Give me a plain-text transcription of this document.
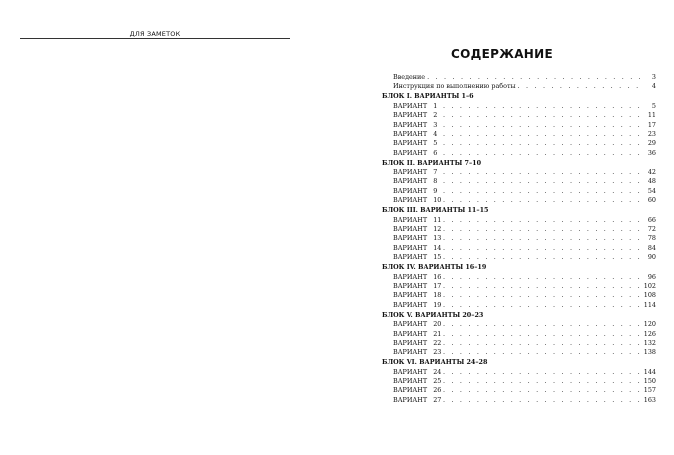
ДЛЯ ЗАМЕТОК
СОДЕРЖАНИЕ
Введение . . .	3
Инструкция по выполнению работы . . .	4
БЛОК I. ВАРИАНТЫ 1–6
ВАРИАНТ 1 . . .	5
ВАРИАНТ 2 . . .	11
ВАРИАНТ 3 . . .	17
ВАРИАНТ 4 . . .	23
ВАРИАНТ 5 . . .	29
ВАРИАНТ 6 . . .	36
БЛОК II. ВАРИАНТЫ 7–10
ВАРИАНТ 7 . . .	42
ВАРИАНТ 8 . . .	48
ВАРИАНТ 9 . . .	54
ВАРИАНТ 10 . . .	60
БЛОК III. ВАРИАНТЫ 11–15
ВАРИАНТ 11 . . .	66
ВАРИАНТ 12 . . .	72
ВАРИАНТ 13 . . .	78
ВАРИАНТ 14 . . .	84
ВАРИАНТ 15 . . .	90
БЛОК IV. ВАРИАНТЫ 16–19
ВАРИАНТ 16 . . .	96
ВАРИАНТ 17 . . .	102
ВАРИАНТ 18 . . .	108
ВАРИАНТ 19 . . .	114
БЛОК V. ВАРИАНТЫ 20–23
ВАРИАНТ 20 . . .	120
ВАРИАНТ 21 . . .	126
ВАРИАНТ 22 . . .	132
ВАРИАНТ 23 . . .	138
БЛОК VI. ВАРИАНТЫ 24–28
ВАРИАНТ 24 . . .	144
ВАРИАНТ 25 . . .	150
ВАРИАНТ 26 . . .	157
ВАРИАНТ 27 . . .	163
